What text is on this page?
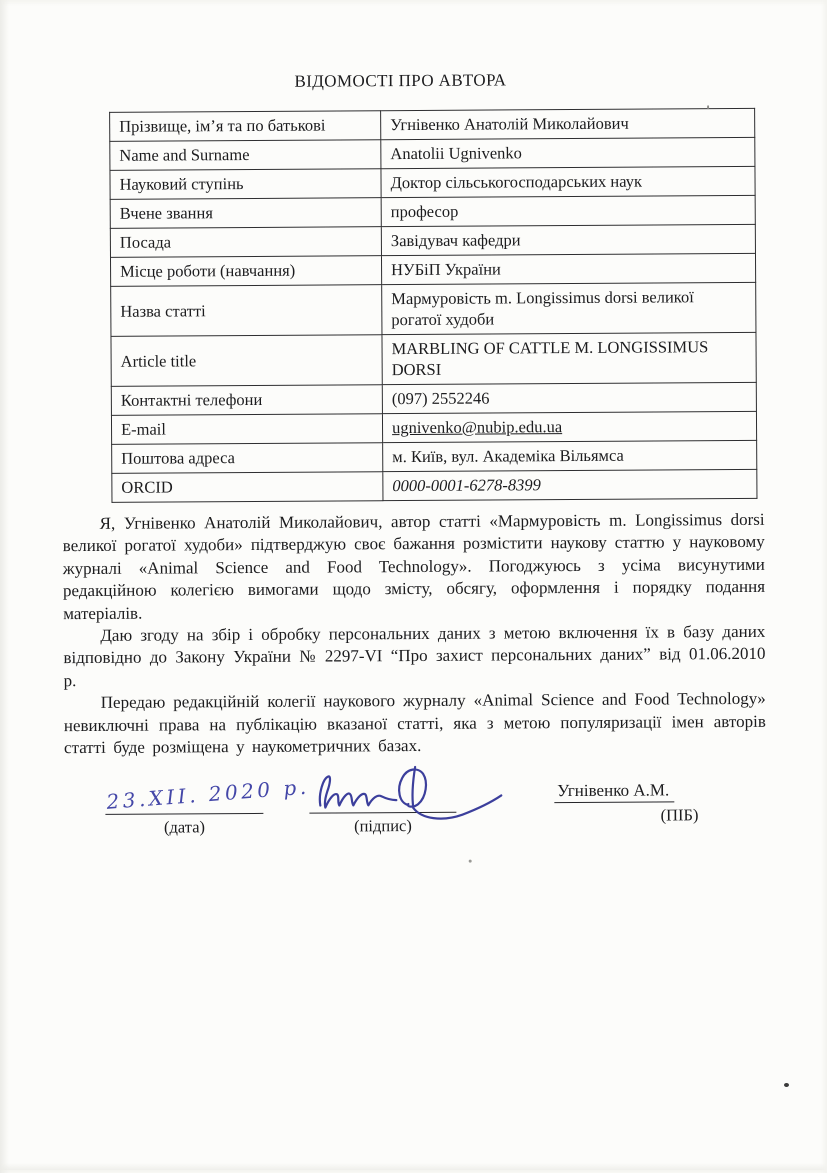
ВІДОМОСТІ ПРО АВТОРА
Прізвище, ім’я та по батькові	Угнівенко Анатолій Миколайович
Name and Surname	Anatolii Ugnivenko
Науковий ступінь	Доктор сільськогосподарських наук
Вчене звання	професор
Посада	Завідувач кафедри
Місце роботи (навчання)	НУБіП України
Назва статті	Мармуровість m. Longissimus dorsi великої рогатої худоби
Article title	MARBLING OF CATTLE M. LONGISSIMUS DORSI
Контактні телефони	(097) 2552246
E-mail	ugnivenko@nubip.edu.ua
Поштова адреса	м. Київ, вул. Академіка Вільямса
ORCID	0000-0001-6278-8399

Я, Угнівенко Анатолій Миколайович, автор статті «Мармуровість m. Longissimus dorsi великої рогатої худоби» підтверджую своє бажання розмістити наукову статтю у науковому журналі «Animal Science and Food Technology». Погоджуюсь з усіма висунутими редакційною колегією вимогами щодо змісту, обсягу, оформлення і порядку подання матеріалів.

Даю згоду на збір і обробку персональних даних з метою включення їх в базу даних відповідно до Закону України № 2297-VI “Про захист персональних даних” від 01.06.2010 р.

Передаю редакційній колегії наукового журналу «Animal Science and Food Technology» невиключні права на публікацію вказаної статті, яка з метою популяризації імен авторів статті буде розміщена у наукометричних базах.

23.XII. 2020 р.
(дата)	(підпис)
Угнівенко А.М.
(ПІБ)
